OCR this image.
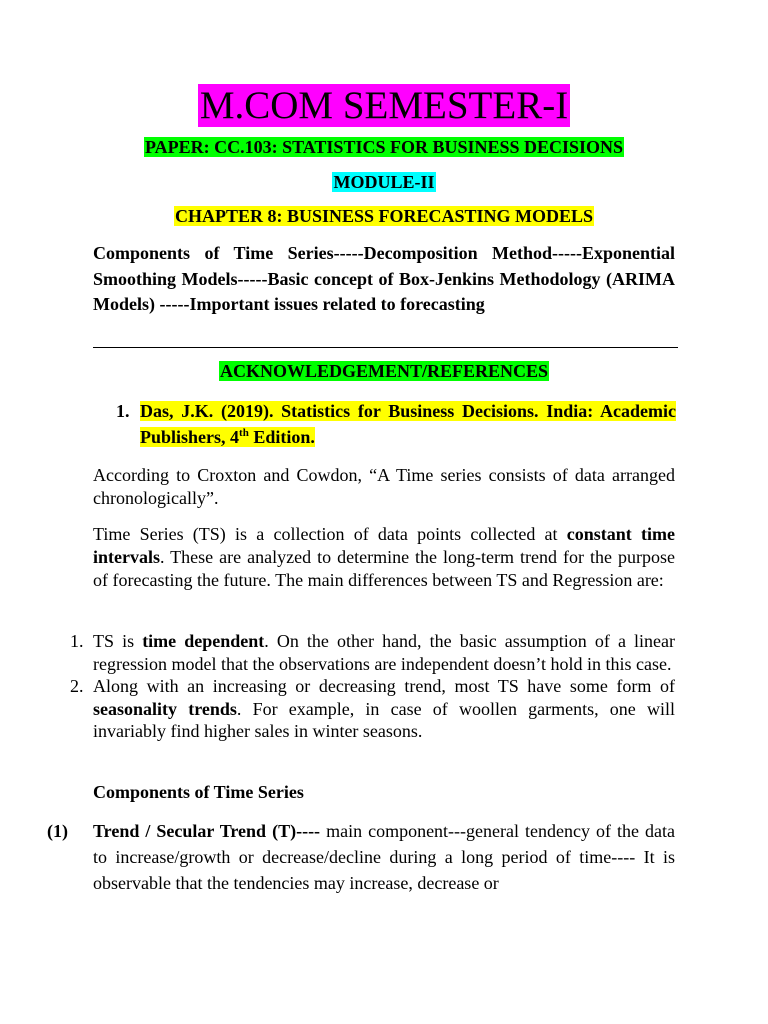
M.COM SEMESTER-I
PAPER: CC.103: STATISTICS FOR BUSINESS DECISIONS
MODULE-II
CHAPTER 8: BUSINESS FORECASTING MODELS
Components of Time Series-----Decomposition Method-----Exponential Smoothing Models-----Basic concept of Box-Jenkins Methodology (ARIMA Models) -----Important issues related to forecasting
ACKNOWLEDGEMENT/REFERENCES
1. Das, J.K. (2019). Statistics for Business Decisions. India: Academic Publishers, 4th Edition.
According to Croxton and Cowdon, “A Time series consists of data arranged chronologically”.
Time Series (TS) is a collection of data points collected at constant time intervals. These are analyzed to determine the long-term trend for the purpose of forecasting the future. The main differences between TS and Regression are:
1. TS is time dependent. On the other hand, the basic assumption of a linear regression model that the observations are independent doesn’t hold in this case.
2. Along with an increasing or decreasing trend, most TS have some form of seasonality trends. For example, in case of woollen garments, one will invariably find higher sales in winter seasons.
Components of Time Series
(1)	Trend / Secular Trend (T)---- main component---general tendency of the data to increase/growth or decrease/decline during a long period of time---- It is observable that the tendencies may increase, decrease or
